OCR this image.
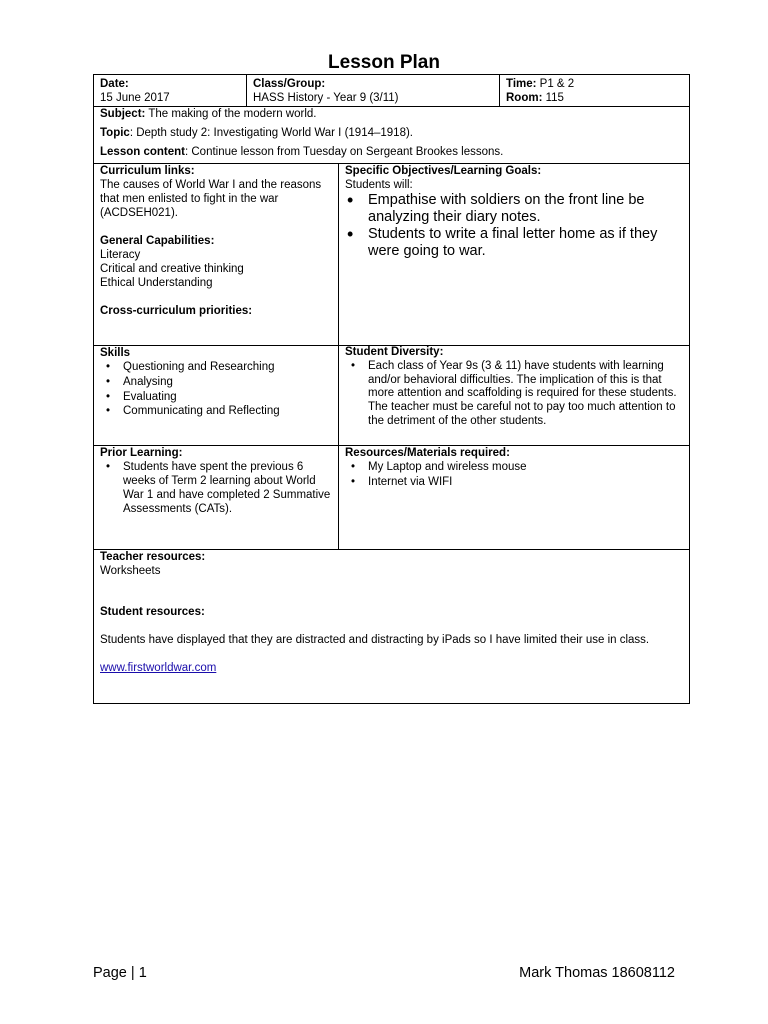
Lesson Plan
Date:
15 June 2017
Class/Group:
HASS History - Year 9 (3/11)
Time: P1 & 2
Room: 115
Subject: The making of the modern world.
Topic: Depth study 2: Investigating World War I (1914–1918).
Lesson content: Continue lesson from Tuesday on Sergeant Brookes lessons.
Curriculum links:
The causes of World War I and the reasons that men enlisted to fight in the war (ACDSEH021).
General Capabilities:
Literacy
Critical and creative thinking
Ethical Understanding
Cross-curriculum priorities:
Specific Objectives/Learning Goals:
Students will:
• Empathise with soldiers on the front line be analyzing their diary notes.
• Students to write a final letter home as if they were going to war.
Skills
• Questioning and Researching
• Analysing
• Evaluating
• Communicating and Reflecting
Student Diversity:
• Each class of Year 9s (3 & 11) have students with learning and/or behavioral difficulties. The implication of this is that more attention and scaffolding is required for these students. The teacher must be careful not to pay too much attention to the detriment of the other students.
Prior Learning:
• Students have spent the previous 6 weeks of Term 2 learning about World War 1 and have completed 2 Summative Assessments (CATs).
Resources/Materials required:
• My Laptop and wireless mouse
• Internet via WIFI
Teacher resources:
Worksheets
Student resources:
Students have displayed that they are distracted and distracting by iPads so I have limited their use in class.
www.firstworldwar.com
Page | 1	Mark Thomas 18608112
